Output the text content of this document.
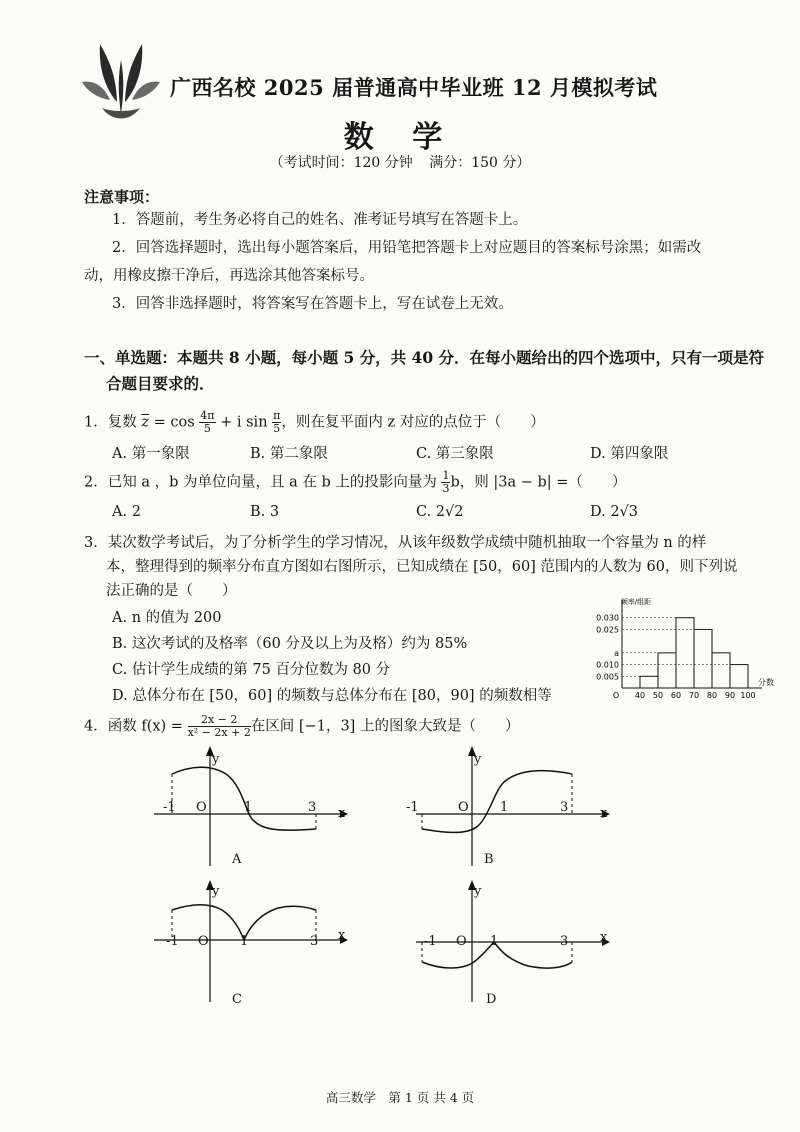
广西名校 2025 届普通高中毕业班 12 月模拟考试
数 学
（考试时间：120 分钟 满分：150 分）
注意事项：
1．答题前，考生务必将自己的姓名、准考证号填写在答题卡上。
2．回答选择题时，选出每小题答案后，用铅笔把答题卡上对应题目的答案标号涂黑；如需改
动，用橡皮擦干净后，再选涂其他答案标号。
3．回答非选择题时，将答案写在答题卡上，写在试卷上无效。
一、单选题：本题共 8 小题，每小题 5 分，共 40 分．在每小题给出的四个选项中，只有一项是符
合题目要求的．
1．复数 $\overline{z} = \cos \frac{4\pi}{5} + i$ $\sin \frac{\pi}{5}$ ，则在复平面内 z 对应的点位于（　　）
A. 第一象限	B. 第二象限	C. 第三象限	D. 第四象限
2．已知 a ，b 为单位向量，且 a 在 b 上的投影向量为 $\frac{1}{3}$ b，则 |3a − b| =（　　）
A. 2	B. 3	C. 2√2	D. 2√3
3．某次数学考试后，为了分析学生的学习情况，从该年级数学成绩中随机抽取一个容量为 n 的样
本，整理得到的频率分布直方图如右图所示，已知成绩在 [50，60] 范围内的人数为 60，则下列说
法正确的是（　　）
A. n 的值为 200
B. 这次考试的及格率（60 分及以上为及格）约为 85%
C. 估计学生成绩的第 75 百分位数为 80 分
D. 总体分布在 [50，60] 的频数与总体分布在 [80，90] 的频数相等
0.030
0.025
a
0.010
0.005
O 40 50 60 70 80 90 100
频率/组距
分数
4．函数 $f(x) = \frac{2x - 2}{\text{x² − 2x + 2}}$ 在区间 [−1，3] 上的图象大致是（　　）
y
x
O
-1	1	3
A
y
x
O
-1	1	3
B
y
x
O
-1	1	3
C
y
x
O
-1	1	3
D
高三数学　第 1 页 共 4 页
